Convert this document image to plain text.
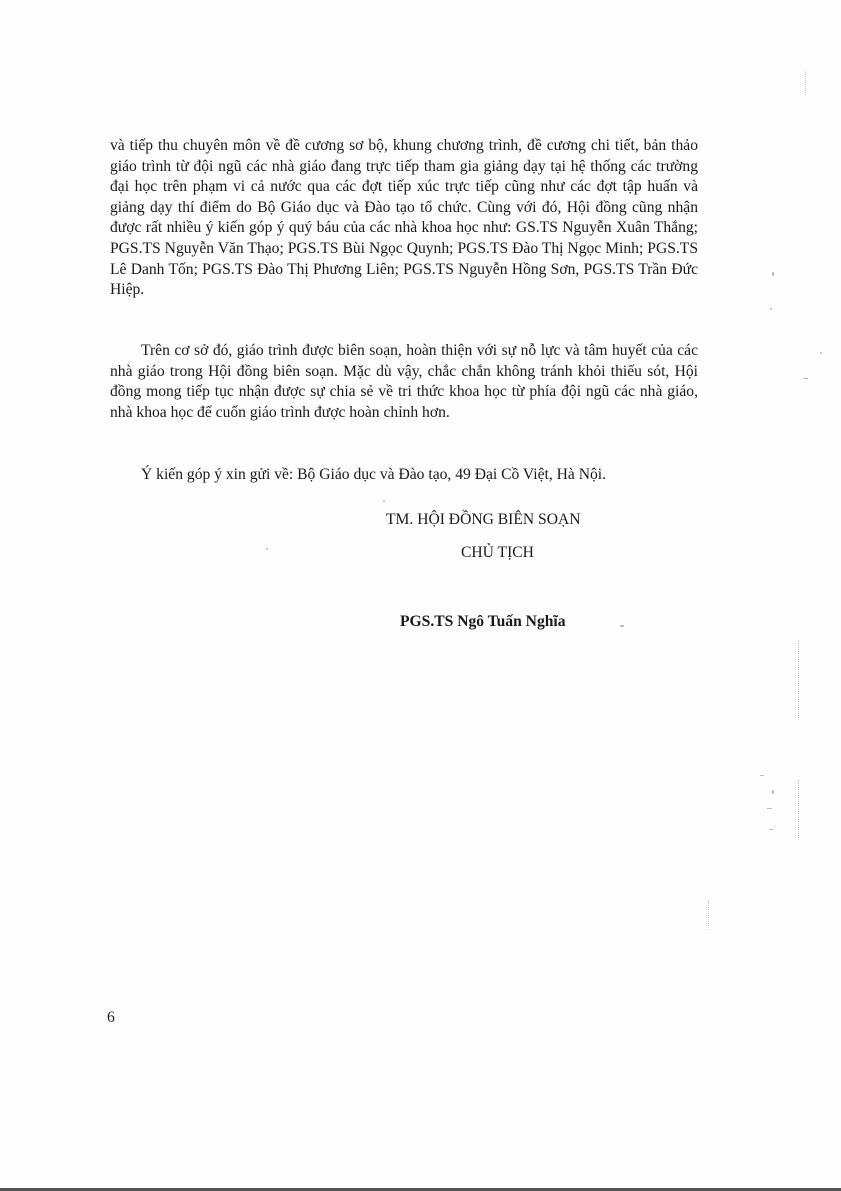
và tiếp thu chuyên môn về đề cương sơ bộ, khung chương trình, đề cương chi tiết, bản thảo giáo trình từ đội ngũ các nhà giáo đang trực tiếp tham gia giảng dạy tại hệ thống các trường đại học trên phạm vi cả nước qua các đợt tiếp xúc trực tiếp cũng như các đợt tập huấn và giảng dạy thí điểm do Bộ Giáo dục và Đào tạo tổ chức. Cùng với đó, Hội đồng cũng nhận được rất nhiều ý kiến góp ý quý báu của các nhà khoa học như: GS.TS Nguyễn Xuân Thắng; PGS.TS Nguyễn Văn Thạo; PGS.TS Bùi Ngọc Quynh; PGS.TS Đào Thị Ngọc Minh; PGS.TS Lê Danh Tốn; PGS.TS Đào Thị Phương Liên; PGS.TS Nguyễn Hồng Sơn, PGS.TS Trần Đức Hiệp.

Trên cơ sở đó, giáo trình được biên soạn, hoàn thiện với sự nỗ lực và tâm huyết của các nhà giáo trong Hội đồng biên soạn. Mặc dù vậy, chắc chắn không tránh khỏi thiếu sót, Hội đồng mong tiếp tục nhận được sự chia sẻ về tri thức khoa học từ phía đội ngũ các nhà giáo, nhà khoa học để cuốn giáo trình được hoàn chỉnh hơn.

Ý kiến góp ý xin gửi về: Bộ Giáo dục và Đào tạo, 49 Đại Cồ Việt, Hà Nội.

TM. HỘI ĐỒNG BIÊN SOẠN
CHỦ TỊCH
PGS.TS Ngô Tuấn Nghĩa
6
